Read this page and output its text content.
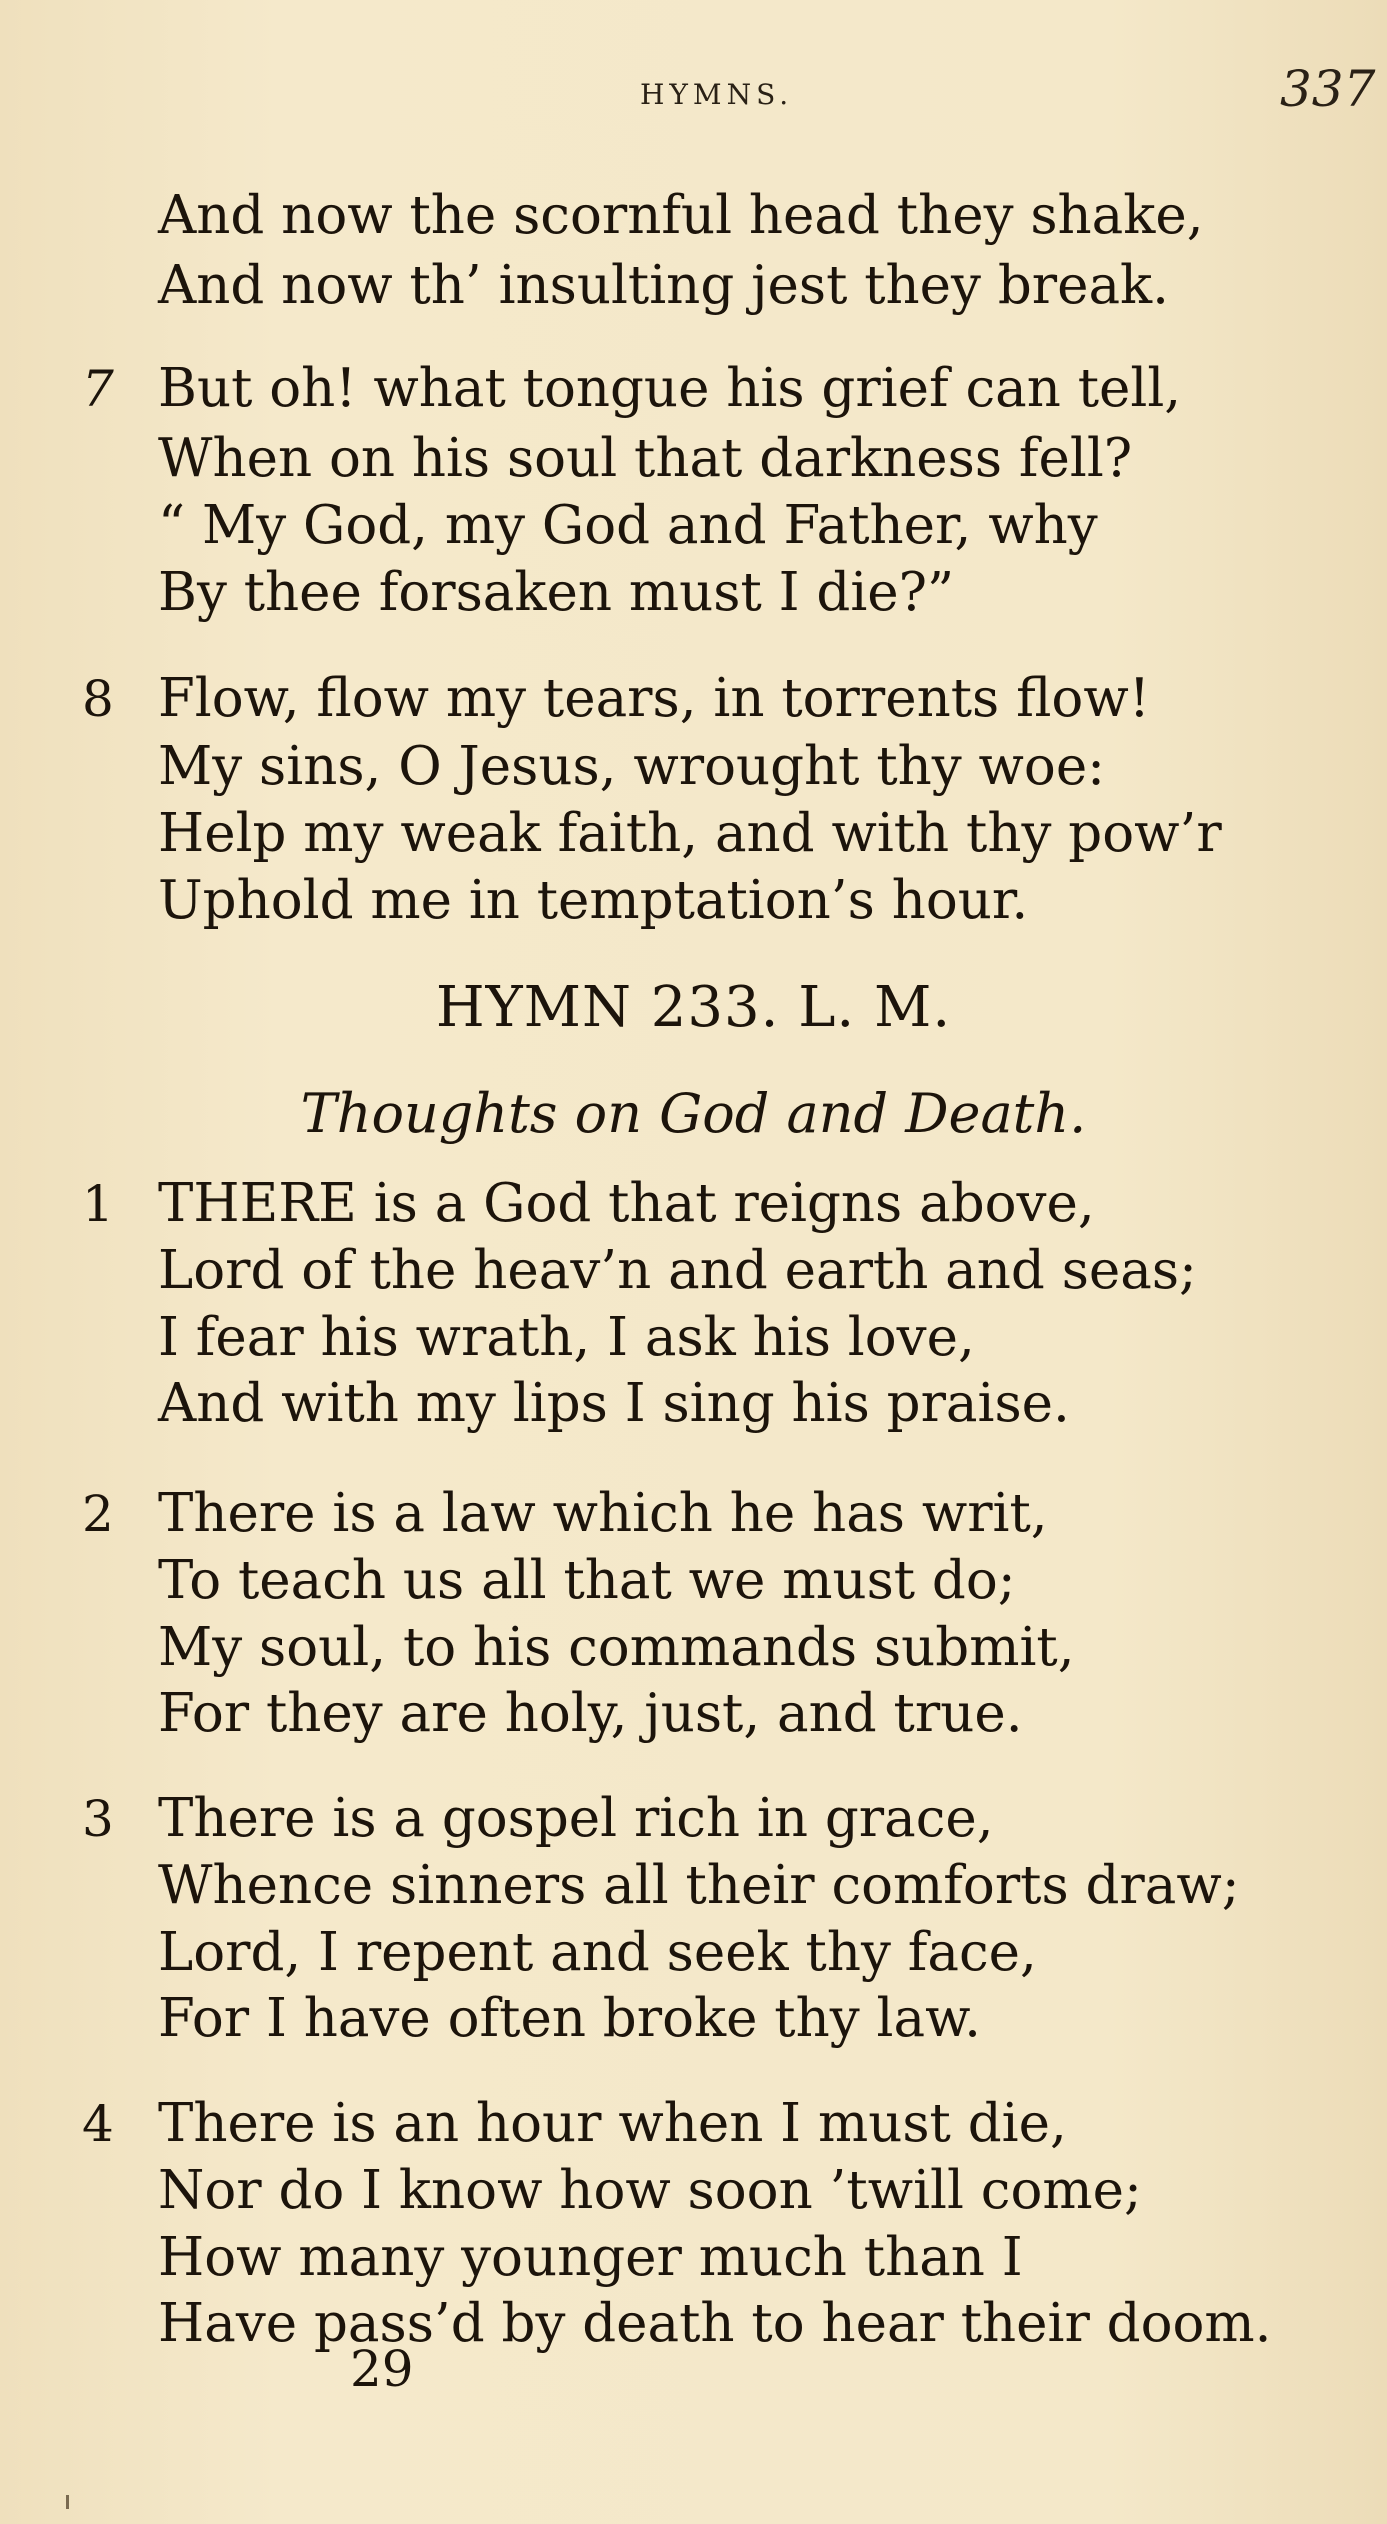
HYMNS.	337
And now the scornful head they shake,
And now th’ insulting jest they break.
7 But oh! what tongue his grief can tell,
When on his soul that darkness fell?
“ My God, my God and Father, why
By thee forsaken must I die?”
8 Flow, flow my tears, in torrents flow!
My sins, O Jesus, wrought thy woe:
Help my weak faith, and with thy pow’r
Uphold me in temptation’s hour.
HYMN 233. L. M.
Thoughts on God and Death.
1 THERE is a God that reigns above,
Lord of the heav’n and earth and seas;
I fear his wrath, I ask his love,
And with my lips I sing his praise.
2 There is a law which he has writ,
To teach us all that we must do;
My soul, to his commands submit,
For they are holy, just, and true.
3 There is a gospel rich in grace,
Whence sinners all their comforts draw;
Lord, I repent and seek thy face,
For I have often broke thy law.
4 There is an hour when I must die,
Nor do I know how soon ’twill come;
How many younger much than I
Have pass’d by death to hear their doom.
29
